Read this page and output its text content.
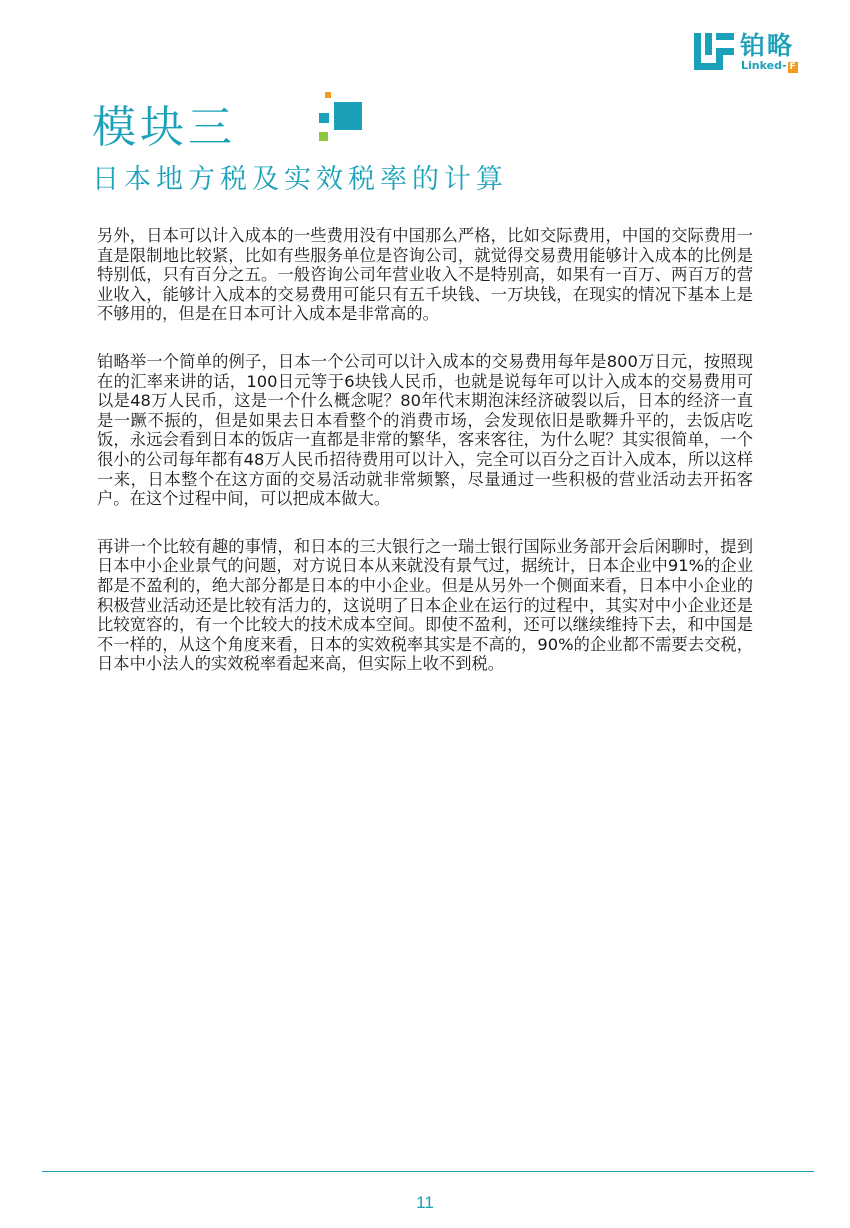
铂略
Linked- F
模块三
日本地方税及实效税率的计算

另外，日本可以计入成本的一些费用没有中国那么严格，比如交际费用，中国的交际费用一直是限制地比较紧，比如有些服务单位是咨询公司，就觉得交易费用能够计入成本的比例是特别低，只有百分之五。一般咨询公司年营业收入不是特别高，如果有一百万、两百万的营业收入，能够计入成本的交易费用可能只有五千块钱、一万块钱，在现实的情况下基本上是不够用的，但是在日本可计入成本是非常高的。

铂略举一个简单的例子，日本一个公司可以计入成本的交易费用每年是800万日元，按照现在的汇率来讲的话，100日元等于6块钱人民币，也就是说每年可以计入成本的交易费用可以是48万人民币，这是一个什么概念呢？80年代末期泡沫经济破裂以后，日本的经济一直是一蹶不振的，但是如果去日本看整个的消费市场，会发现依旧是歌舞升平的，去饭店吃饭，永远会看到日本的饭店一直都是非常的繁华，客来客往，为什么呢？其实很简单，一个很小的公司每年都有48万人民币招待费用可以计入，完全可以百分之百计入成本，所以这样一来，日本整个在这方面的交易活动就非常频繁，尽量通过一些积极的营业活动去开拓客户。在这个过程中间，可以把成本做大。

再讲一个比较有趣的事情，和日本的三大银行之一瑞士银行国际业务部开会后闲聊时，提到日本中小企业景气的问题，对方说日本从来就没有景气过，据统计，日本企业中91%的企业都是不盈利的，绝大部分都是日本的中小企业。但是从另外一个侧面来看，日本中小企业的积极营业活动还是比较有活力的，这说明了日本企业在运行的过程中，其实对中小企业还是比较宽容的，有一个比较大的技术成本空间。即使不盈利，还可以继续维持下去，和中国是不一样的，从这个角度来看，日本的实效税率其实是不高的，90%的企业都不需要去交税，日本中小法人的实效税率看起来高，但实际上收不到税。

11
